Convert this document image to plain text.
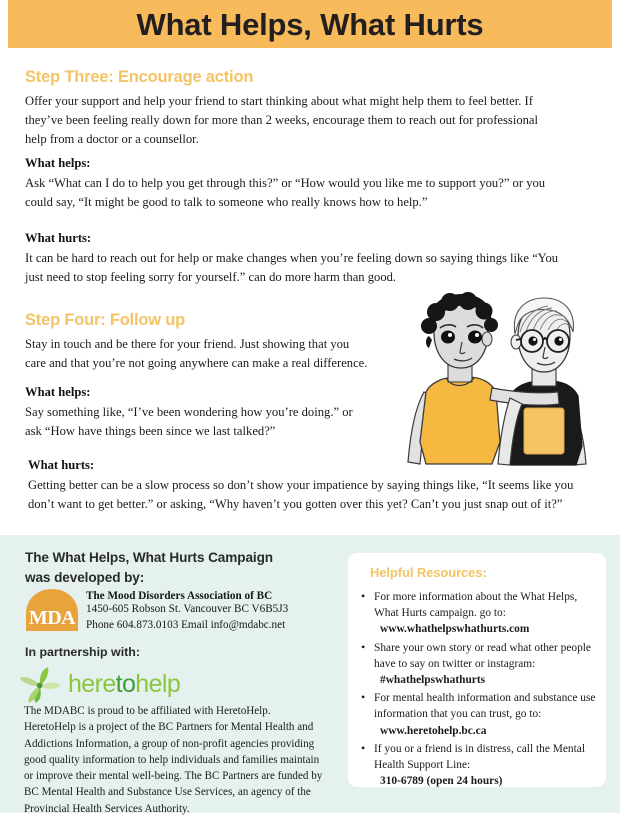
What Helps, What Hurts
Step Three: Encourage action
Offer your support and help your friend to start thinking about what might help them to feel better. If they’ve been feeling really down for more than 2 weeks, encourage them to reach out for professional help from a doctor or a counsellor.
What helps:
Ask “What can I do to help you get through this?” or “How would you like me to support you?” or you could say, “It might be good to talk to someone who really knows how to help.”
What hurts:
It can be hard to reach out for help or make changes when you’re feeling down so saying things like “You just need to stop feeling sorry for yourself.” can do more harm than good.
Step Four: Follow up
Stay in touch and be there for your friend. Just showing that you care and that you’re not going anywhere can make a real difference.
What helps:
Say something like, “I’ve been wondering how you’re doing.” or ask “How have things been since we last talked?”
What hurts:
Getting better can be a slow process so don’t show your impatience by saying things like, “It seems like you don’t want to get better.” or asking, “Why haven’t you gotten over this yet? Can’t you just snap out of it?”
The What Helps, What Hurts Campaign
was developed by:
MDA
The Mood Disorders Association of BC
1450-605 Robson St. Vancouver BC V6B5J3
Phone 604.873.0103 Email info@mdabc.net
In partnership with:
heretohelp
The MDABC is proud to be affiliated with HeretoHelp. HeretoHelp is a project of the BC Partners for Mental Health and Addictions Information, a group of non-profit agencies providing good quality information to help individuals and families maintain or improve their mental well-being. The BC Partners are funded by BC Mental Health and Substance Use Services, an agency of the Provincial Health Services Authority.
Helpful Resources:
• For more information about the What Helps, What Hurts campaign. go to:
www.whathelpswhathurts.com
• Share your own story or read what other people have to say on twitter or instagram:
#whathelpswhathurts
• For mental health information and substance use information that you can trust, go to:
www.heretohelp.bc.ca
• If you or a friend is in distress, call the Mental Health Support Line:
310-6789 (open 24 hours)
